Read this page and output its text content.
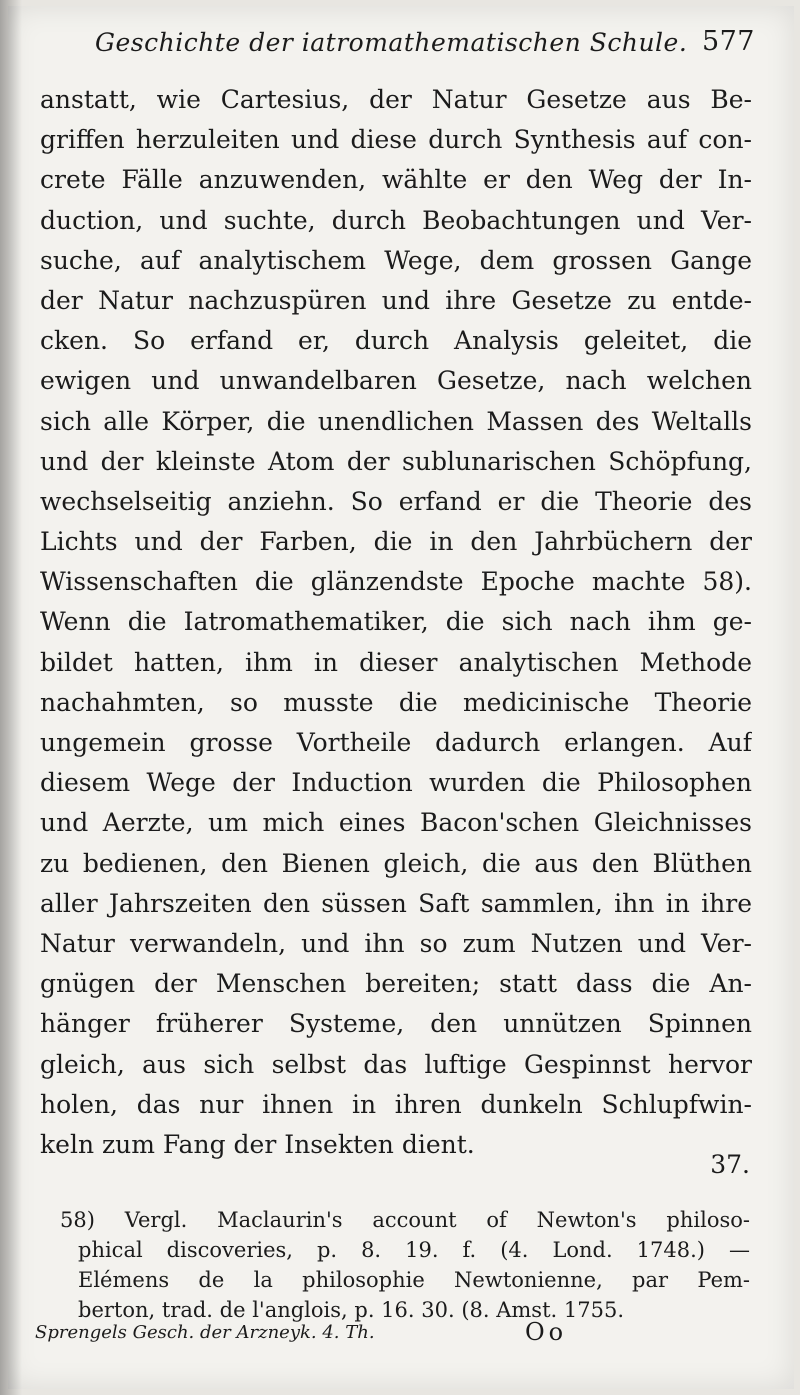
Geschichte der iatromathematischen Schule. 577
anstatt, wie Cartesius, der Natur Gesetze aus Be-
griffen herzuleiten und diese durch Synthesis auf con-
crete Fälle anzuwenden, wählte er den Weg der In-
duction, und suchte, durch Beobachtungen und Ver-
suche, auf analytischem Wege, dem grossen Gange
der Natur nachzuspüren und ihre Gesetze zu entde-
cken. So erfand er, durch Analysis geleitet, die
ewigen und unwandelbaren Gesetze, nach welchen
sich alle Körper, die unendlichen Massen des Weltalls
und der kleinste Atom der sublunarischen Schöpfung,
wechselseitig anziehn. So erfand er die Theorie des
Lichts und der Farben, die in den Jahrbüchern der
Wissenschaften die glänzendste Epoche machte 58).
Wenn die Iatromathematiker, die sich nach ihm ge-
bildet hatten, ihm in dieser analytischen Methode
nachahmten, so musste die medicinische Theorie
ungemein grosse Vortheile dadurch erlangen. Auf
diesem Wege der Induction wurden die Philosophen
und Aerzte, um mich eines Bacon'schen Gleichnisses
zu bedienen, den Bienen gleich, die aus den Blüthen
aller Jahrszeiten den süssen Saft sammlen, ihn in ihre
Natur verwandeln, und ihn so zum Nutzen und Ver-
gnügen der Menschen bereiten; statt dass die An-
hänger früherer Systeme, den unnützen Spinnen
gleich, aus sich selbst das luftige Gespinnst hervor
holen, das nur ihnen in ihren dunkeln Schlupfwin-
keln zum Fang der Insekten dient.
37.
58) Vergl. Maclaurin's account of Newton's philoso-
phical discoveries, p. 8. 19. f. (4. Lond. 1748.) —
Elémens de la philosophie Newtonienne, par Pem-
berton, trad. de l'anglois, p. 16. 30. (8. Amst. 1755.
Sprengels Gesch. der Arzneyk. 4. Th.	Oo
